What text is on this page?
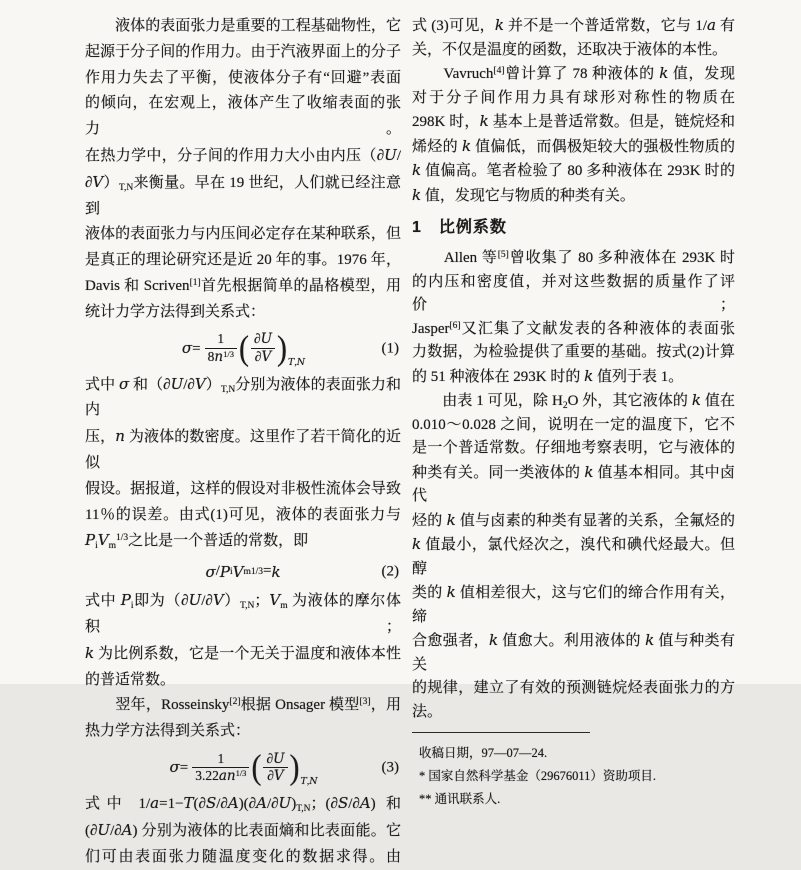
　　液体的表面张力是重要的工程基础物性，它
起源于分子间的作用力。由于汽液界面上的分子
作用力失去了平衡，使液体分子有“回避”表面
的倾向，在宏观上，液体产生了收缩表面的张力。
在热力学中，分子间的作用力大小由内压（∂U/
$\partial V)_{T,N}$来衡量。早在 19 世纪，人们就已经注意到
液体的表面张力与内压间必定存在某种联系，但
是真正的理论研究还是近 20 年的事。1976 年，
Davis 和 Scriven[1]首先根据简单的晶格模型，用
统计力学方法得到关系式：
$\sigma= \frac{1}{8n^{1/3}}$ ( $\frac{\partial U}{\partial V}$ ) T,N
(1)
式中 σ 和$(\partial U/\partial V)_{T,N}$分别为液体的表面张力和内
压，n 为液体的数密度。这里作了若干简化的近似
假设。据报道，这样的假设对非极性流体会导致
11％的误差。由式(1)可见，液体的表面张力与
$P_iV_m^{1/3}$之比是一个普适的常数，即
σ / P i V m 1/3 = k	(2)
式中 $P_i$即为$(\partial U/\partial V)_{T,N}$；$V_m$ 为液体的摩尔体积；
k 为比例系数，它是一个无关于温度和液体本性
的普适常数。
　　翌年，Rosseinsky[2]根据 Onsager 模型[3]，用
热力学方法得到关系式：
$\sigma= \frac{1}{3.22an^{1/3}}$ ( $\frac{\partial U}{\partial V}$ ) T,N
(3)
式中 $1/a=1-T(\partial S/\partial A)(\partial A/\partial U)_{T,N}$；(∂S/∂A) 和
(∂U/∂A) 分别为液体的比表面熵和比表面能。它
们可由表面张力随温度变化的数据求得。由
式 (3)可见，k 并不是一个普适常数，它与 1/a 有
关，不仅是温度的函数，还取决于液体的本性。
　　Vavruch[4]曾计算了 78 种液体的 k 值，发现
对于分子间作用力具有球形对称性的物质在
298K 时，k 基本上是普适常数。但是，链烷烃和
烯烃的 k 值偏低，而偶极矩较大的强极性物质的
k 值偏高。笔者检验了 80 多种液体在 293K 时的
k 值，发现它与物质的种类有关。
1　比例系数
　　Allen 等[5]曾收集了 80 多种液体在 293K 时
的内压和密度值，并对这些数据的质量作了评价；
Jasper[6]又汇集了文献发表的各种液体的表面张
力数据，为检验提供了重要的基础。按式(2)计算
的 51 种液体在 293K 时的 k 值列于表 1。
　　由表 1 可见，除 $H_2O$ 外，其它液体的 k 值在
0.010～0.028 之间，说明在一定的温度下，它不
是一个普适常数。仔细地考察表明，它与液体的
种类有关。同一类液体的 k 值基本相同。其中卤代
烃的 k 值与卤素的种类有显著的关系，全氟烃的
k 值最小，氯代烃次之，溴代和碘代烃最大。但醇
类的 k 值相差很大，这与它们的缔合作用有关，缔
合愈强者，k 值愈大。利用液体的 k 值与种类有关
的规律，建立了有效的预测链烷烃表面张力的方
法。
收稿日期，97—07—24.
* 国家自然科学基金（29676011）资助项目.
** 通讯联系人.
